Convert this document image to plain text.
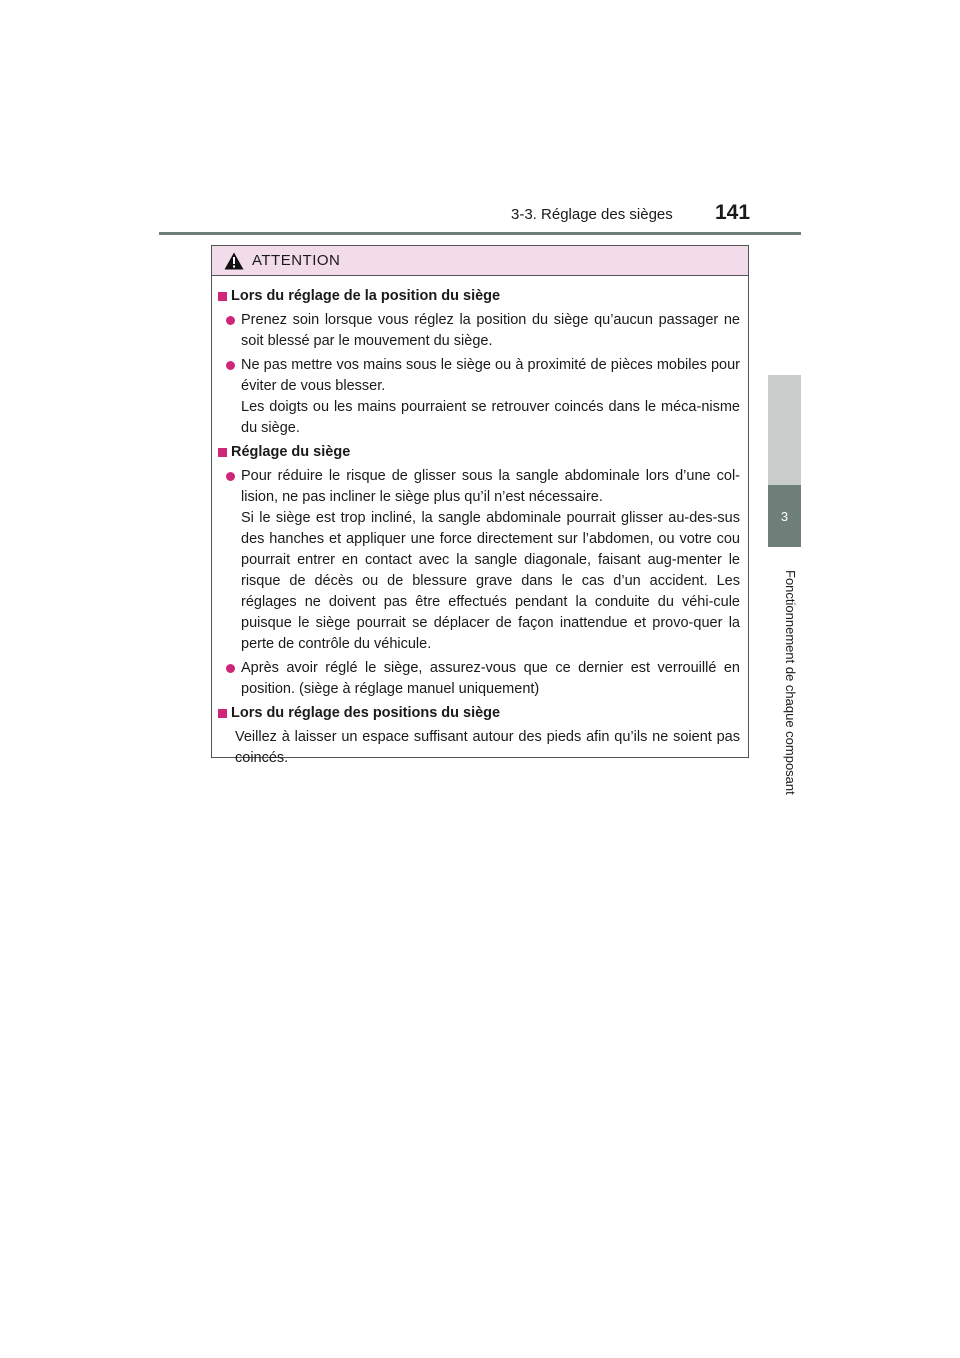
3-3. Réglage des sièges 141
3
Fonctionnement de chaque composant
ATTENTION
Lors du réglage de la position du siège

Prenez soin lorsque vous réglez la position du siège qu’aucun passager ne soit blessé par le mouvement du siège.

Ne pas mettre vos mains sous le siège ou à proximité de pièces mobiles pour éviter de vous blesser.

Les doigts ou les mains pourraient se retrouver coincés dans le méca-nisme du siège.

Réglage du siège

Pour réduire le risque de glisser sous la sangle abdominale lors d’une col-lision, ne pas incliner le siège plus qu’il n’est nécessaire.

Si le siège est trop incliné, la sangle abdominale pourrait glisser au-des-sus des hanches et appliquer une force directement sur l’abdomen, ou votre cou pourrait entrer en contact avec la sangle diagonale, faisant aug-menter le risque de décès ou de blessure grave dans le cas d’un accident. Les réglages ne doivent pas être effectués pendant la conduite du véhi-cule puisque le siège pourrait se déplacer de façon inattendue et provo-quer la perte de contrôle du véhicule.

Après avoir réglé le siège, assurez-vous que ce dernier est verrouillé en position. (siège à réglage manuel uniquement)

Lors du réglage des positions du siège
Veillez à laisser un espace suffisant autour des pieds afin qu’ils ne soient pas coincés.
